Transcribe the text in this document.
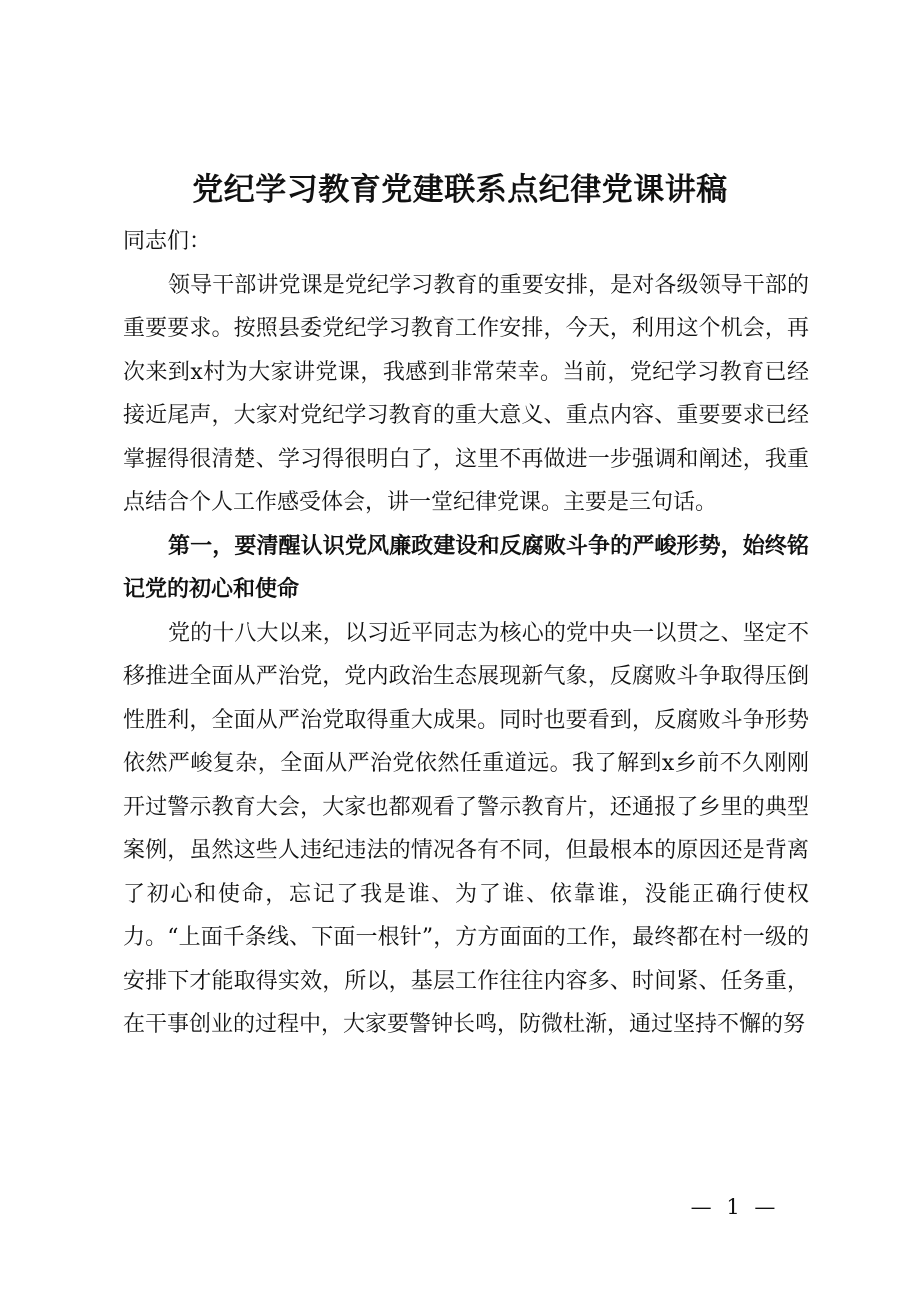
党纪学习教育党建联系点纪律党课讲稿

同志们：

领导干部讲党课是党纪学习教育的重要安排，是对各级领导干部的重要要求。按照县委党纪学习教育工作安排，今天，利用这个机会，再次来到x村为大家讲党课，我感到非常荣幸。当前，党纪学习教育已经接近尾声，大家对党纪学习教育的重大意义、重点内容、重要要求已经掌握得很清楚、学习得很明白了，这里不再做进一步强调和阐述，我重点结合个人工作感受体会，讲一堂纪律党课。主要是三句话。

第一，要清醒认识党风廉政建设和反腐败斗争的严峻形势，始终铭记党的初心和使命

党的十八大以来，以习近平同志为核心的党中央一以贯之、坚定不移推进全面从严治党，党内政治生态展现新气象，反腐败斗争取得压倒性胜利，全面从严治党取得重大成果。同时也要看到，反腐败斗争形势依然严峻复杂，全面从严治党依然任重道远。我了解到x乡前不久刚刚开过警示教育大会，大家也都观看了警示教育片，还通报了乡里的典型案例，虽然这些人违纪违法的情况各有不同，但最根本的原因还是背离了初心和使命，忘记了我是谁、为了谁、依靠谁，没能正确行使权力。“上面千条线、下面一根针”，方方面面的工作，最终都在村一级的安排下才能取得实效，所以，基层工作往往内容多、时间紧、任务重，在干事创业的过程中，大家要警钟长鸣，防微杜渐，通过坚持不懈的努

— 1 —
